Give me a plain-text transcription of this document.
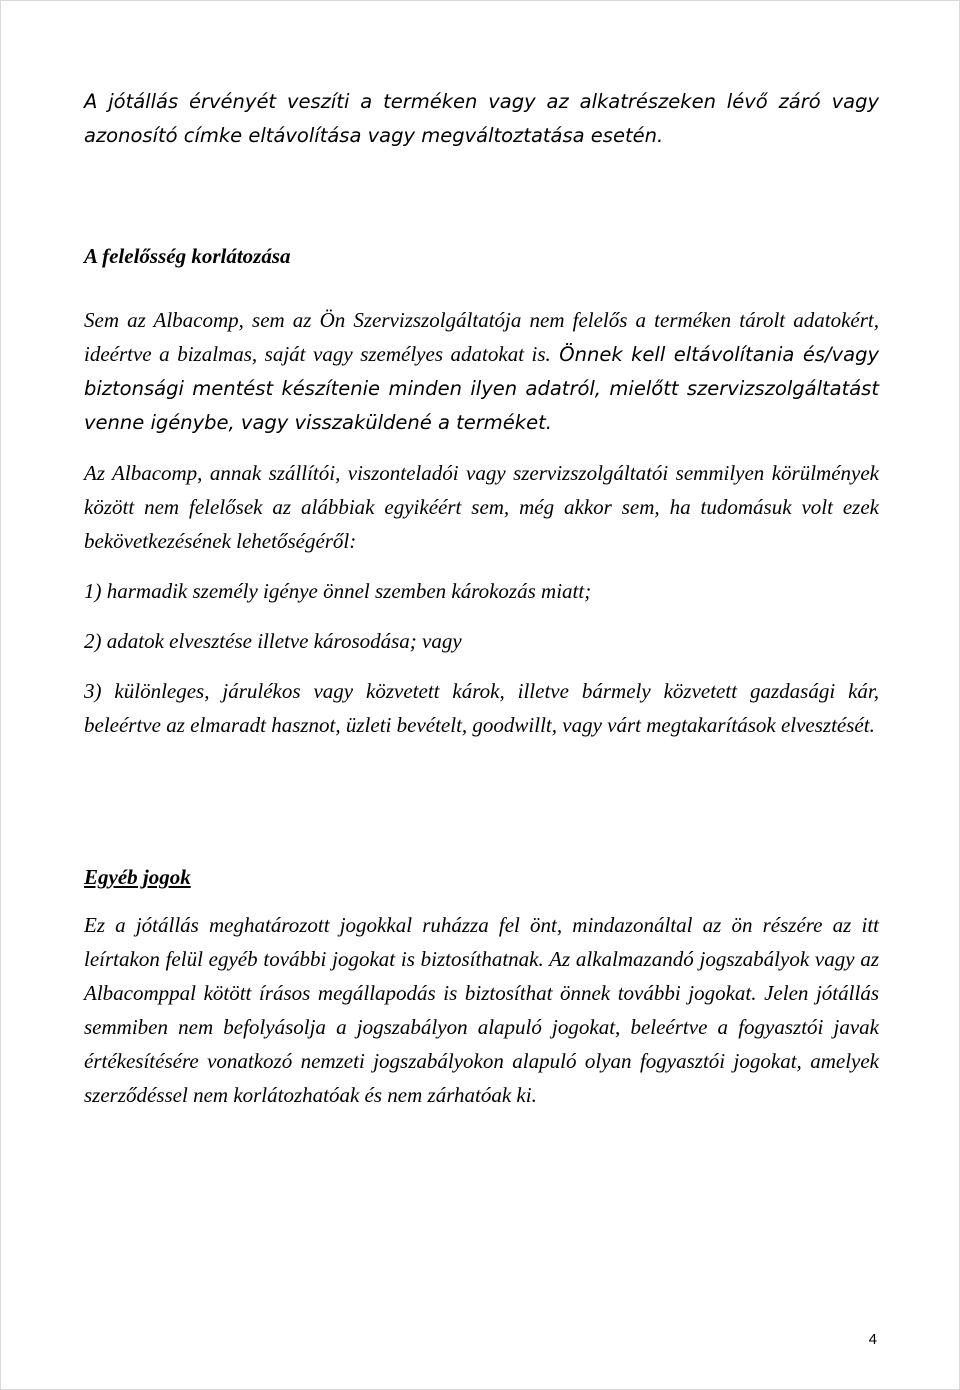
A jótállás érvényét veszíti a terméken vagy az alkatrészeken lévő záró vagy azonosító címke eltávolítása vagy megváltoztatása esetén.

A felelősség korlátozása

Sem az Albacomp, sem az Ön Szervizszolgáltatója nem felelős a terméken tárolt adatokért, ideértve a bizalmas, saját vagy személyes adatokat is. Önnek kell eltávolítania és/vagy biztonsági mentést készítenie minden ilyen adatról, mielőtt szervizszolgáltatást venne igénybe, vagy visszaküldené a terméket.

Az Albacomp, annak szállítói, viszonteladói vagy szervizszolgáltatói semmilyen körülmények között nem felelősek az alábbiak egyikéért sem, még akkor sem, ha tudomásuk volt ezek bekövetkezésének lehetőségéről:

1) harmadik személy igénye önnel szemben károkozás miatt;

2) adatok elvesztése illetve károsodása; vagy

3) különleges, járulékos vagy közvetett károk, illetve bármely közvetett gazdasági kár, beleértve az elmaradt hasznot, üzleti bevételt, goodwillt, vagy várt megtakarítások elvesztését.

Egyéb jogok

Ez a jótállás meghatározott jogokkal ruházza fel önt, mindazonáltal az ön részére az itt leírtakon felül egyéb további jogokat is biztosíthatnak. Az alkalmazandó jogszabályok vagy az Albacomppal kötött írásos megállapodás is biztosíthat önnek további jogokat. Jelen jótállás semmiben nem befolyásolja a jogszabályon alapuló jogokat, beleértve a fogyasztói javak értékesítésére vonatkozó nemzeti jogszabályokon alapuló olyan fogyasztói jogokat, amelyek szerződéssel nem korlátozhatóak és nem zárhatóak ki.

4
